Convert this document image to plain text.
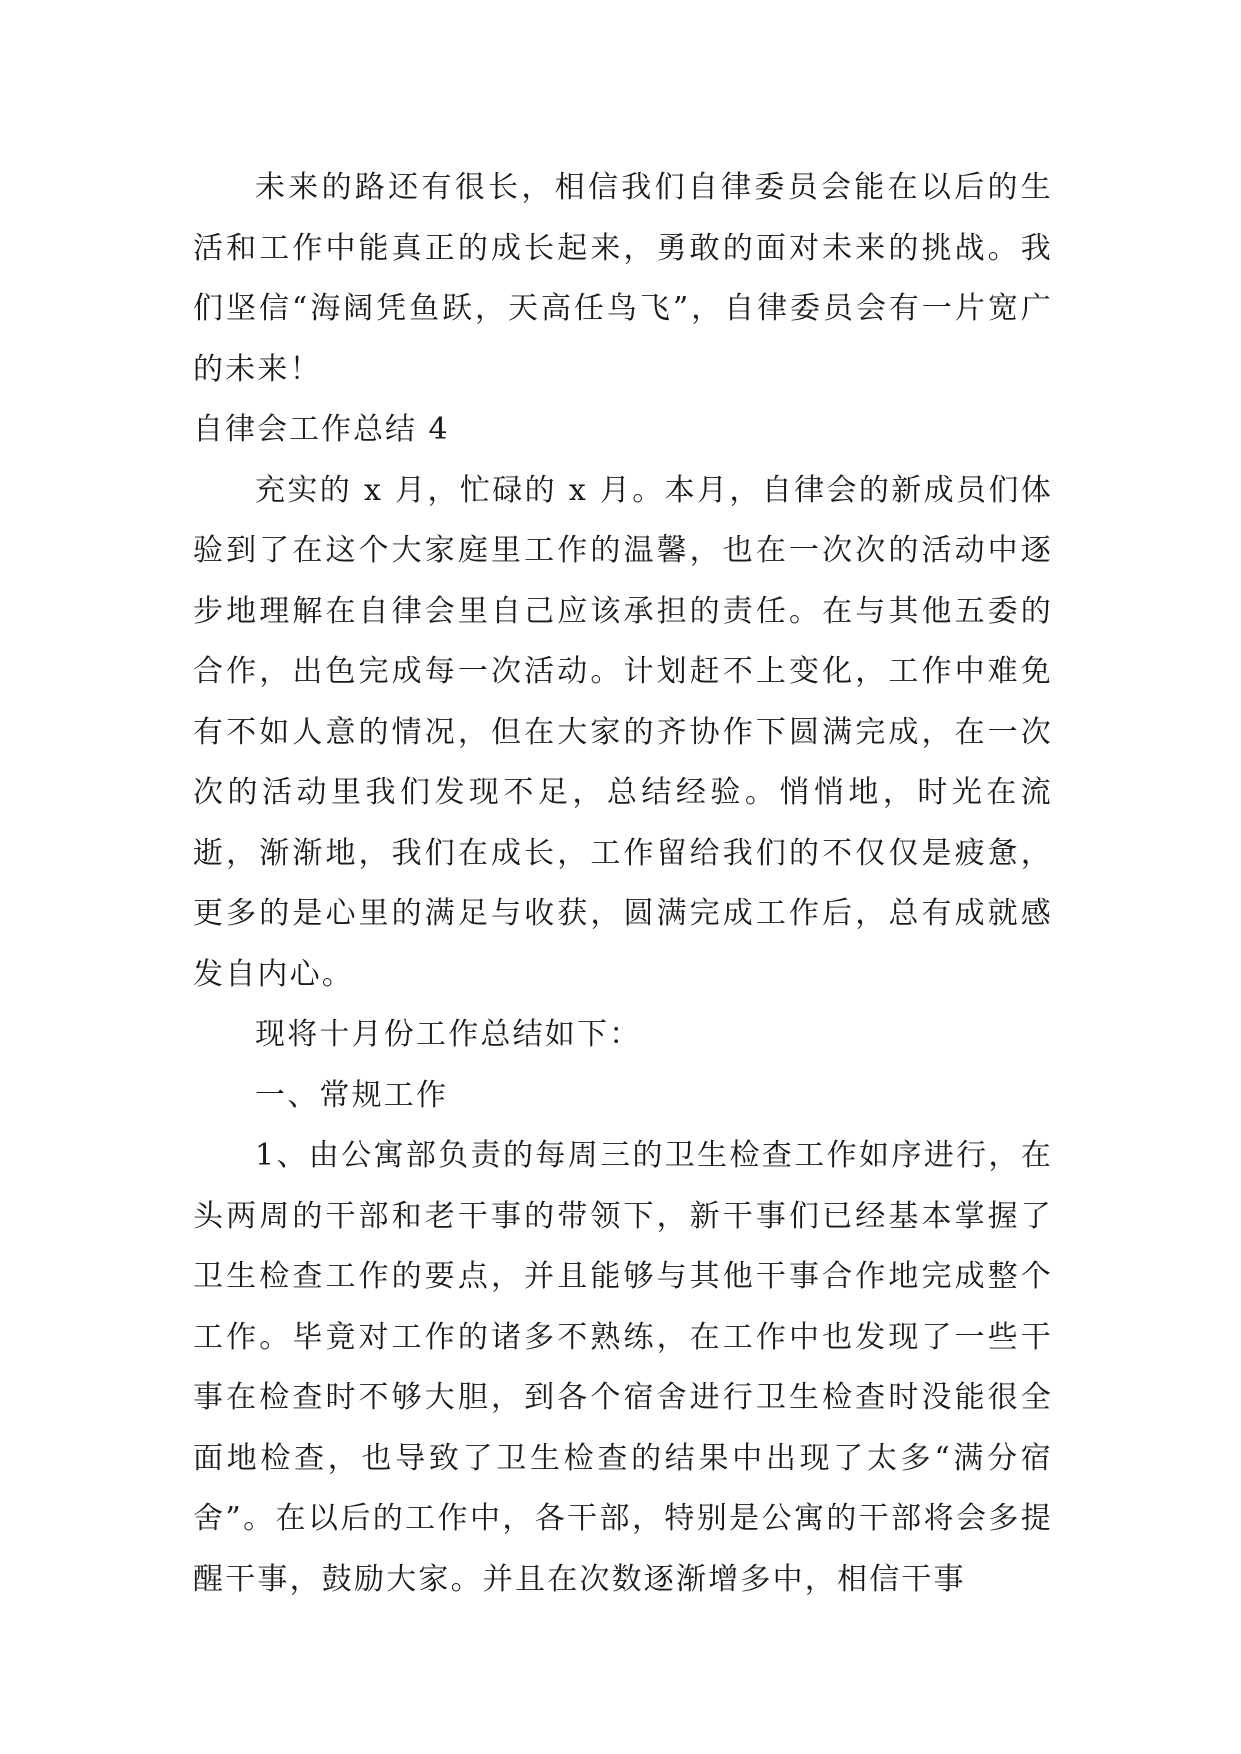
未来的路还有很长，相信我们自律委员会能在以后的生活和工作中能真正的成长起来，勇敢的面对未来的挑战。我们坚信“海阔凭鱼跃，天高任鸟飞”，自律委员会有一片宽广的未来！

自律会工作总结 4

充实的 x 月，忙碌的 x 月。本月，自律会的新成员们体验到了在这个大家庭里工作的温馨，也在一次次的活动中逐步地理解在自律会里自己应该承担的责任。在与其他五委的合作，出色完成每一次活动。计划赶不上变化，工作中难免有不如人意的情况，但在大家的齐协作下圆满完成，在一次次的活动里我们发现不足，总结经验。悄悄地，时光在流逝，渐渐地，我们在成长，工作留给我们的不仅仅是疲惫，更多的是心里的满足与收获，圆满完成工作后，总有成就感发自内心。

现将十月份工作总结如下：

一、常规工作

1、由公寓部负责的每周三的卫生检查工作如序进行，在头两周的干部和老干事的带领下，新干事们已经基本掌握了卫生检查工作的要点，并且能够与其他干事合作地完成整个工作。毕竟对工作的诸多不熟练，在工作中也发现了一些干事在检查时不够大胆，到各个宿舍进行卫生检查时没能很全面地检查，也导致了卫生检查的结果中出现了太多“满分宿舍”。在以后的工作中，各干部，特别是公寓的干部将会多提醒干事，鼓励大家。并且在次数逐渐增多中，相信干事
